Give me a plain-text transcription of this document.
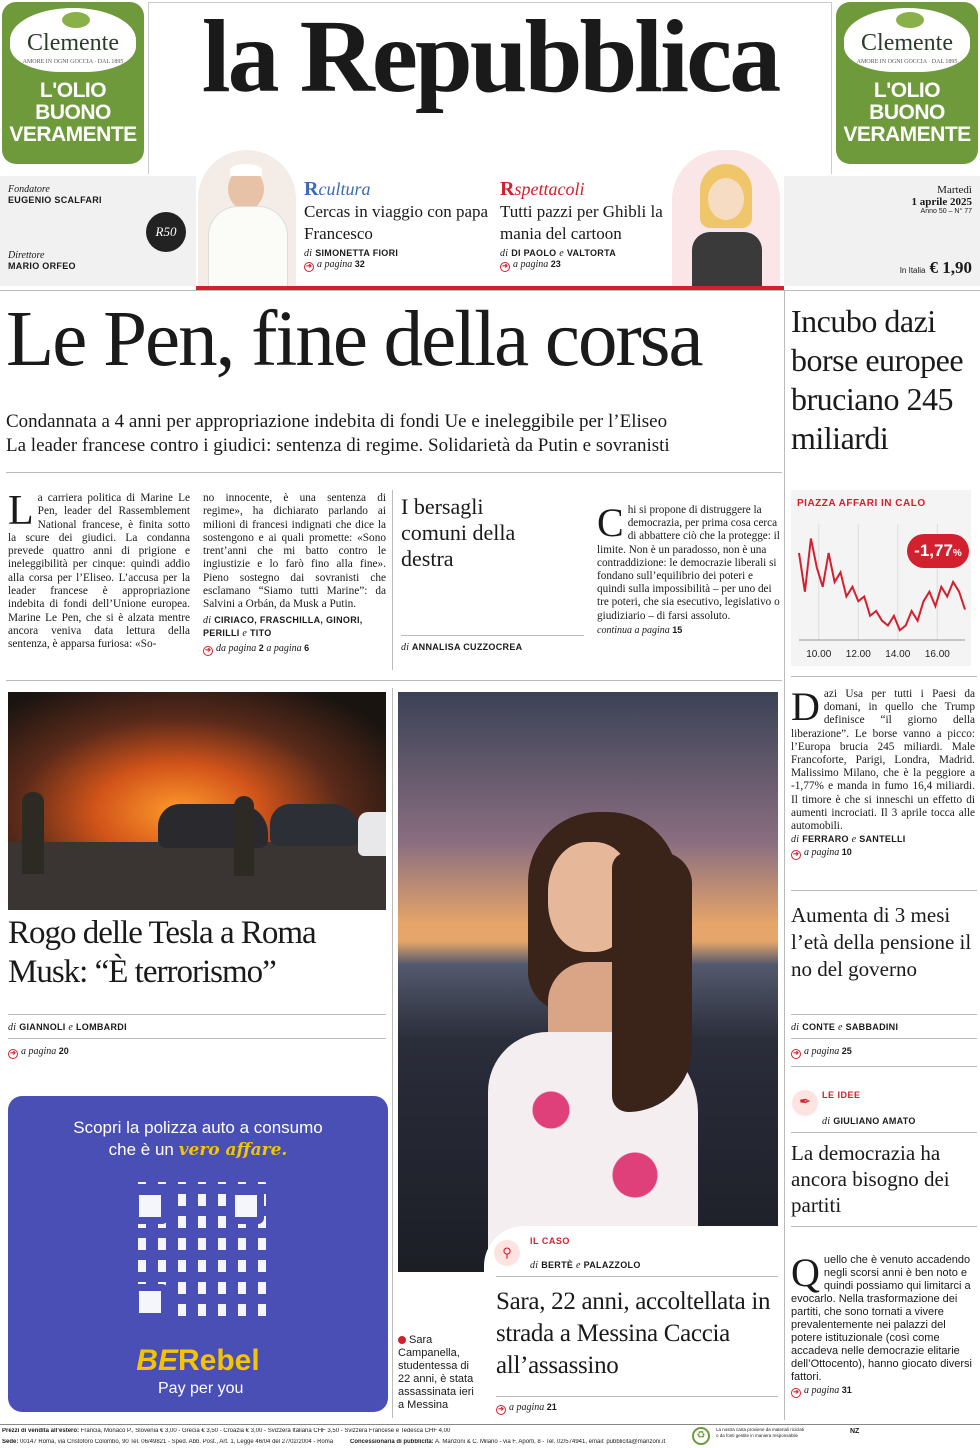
Clemente
AMORE IN OGNI GOCCIA · DAL 1895
L'OLIO BUONO
VERAMENTE
Clemente
AMORE IN OGNI GOCCIA · DAL 1895
L'OLIO BUONO
VERAMENTE
la Repubblica
Fondatore
EUGENIO SCALFARI
Direttore
MARIO ORFEO
R50
Martedì
1 aprile 2025
Anno 50 – N° 77
In Italia € 1,90
Rcultura
Cercas in viaggio con papa Francesco
di SIMONETTA FIORI
➔ a pagina 32
Rspettacoli
Tutti pazzi per Ghibli la mania del cartoon
di DI PAOLO e VALTORTA
➔ a pagina 23
Le Pen, fine della corsa
Condannata a 4 anni per appropriazione indebita di fondi Ue e ineleggibile per l’Eliseo
La leader francese contro i giudici: sentenza di regime. Solidarietà da Putin e sovranisti
La carriera politica di Marine Le Pen, leader del Rassemblement National francese, è finita sotto la scure dei giudici. La condanna prevede quattro anni di prigione e ineleggibilità per cinque: quindi addio alla corsa per l’Eliseo. L’accusa per la leader francese è appropriazione indebita di fondi dell’Unione europea. Marine Le Pen, che si è alzata mentre ancora veniva data lettura della sentenza, è apparsa furiosa: «So-
no innocente, è una sentenza di regime», ha dichiarato parlando ai milioni di francesi indignati che dice la sostengono e ai quali promette: «Sono trent’anni che mi batto contro le ingiustizie e lo farò fino alla fine». Pieno sostegno dai sovranisti che esclamano “Siamo tutti Marine”: da Salvini a Orbán, da Musk a Putin.
di CIRIACO, FRASCHILLA, GINORI, PERILLI e TITO
➔ da pagina 2 a pagina 6
I bersagli comuni della destra
di ANNALISA CUZZOCREA
Chi si propone di distruggere la democrazia, per prima cosa cerca di abbattere ciò che la protegge: il limite. Non è un paradosso, non è una contraddizione: le democrazie liberali si fondano sull’equilibrio dei poteri e quindi sulla impossibilità – per uno dei tre poteri, che sia esecutivo, legislativo o giudiziario – di farsi assoluto.
continua a pagina 15
Incubo dazi borse europee bruciano 245 miliardi
PIAZZA AFFARI IN CALO
10.00 12.00 14.00 16.00
-1,77%
Dazi Usa per tutti i Paesi da domani, in quello che Trump definisce “il giorno della liberazione”. Le borse vanno a picco: l’Europa brucia 245 miliardi. Male Francoforte, Parigi, Londra, Madrid. Malissimo Milano, che è la peggiore a -1,77% e manda in fumo 16,4 miliardi. Il timore è che si inneschi un effetto di aumenti incrociati. Il 3 aprile tocca alle automobili.
di FERRARO e SANTELLI
➔ a pagina 10
Aumenta di 3 mesi l’età della pensione il no del governo
di CONTE e SABBADINI
➔ a pagina 25
✒	LE IDEE
di GIULIANO AMATO
La democrazia ha ancora bisogno dei partiti
Quello che è venuto accadendo negli scorsi anni è ben noto e quindi possiamo qui limitarci a evocarlo. Nella trasformazione dei partiti, che sono tornati a vivere prevalentemente nei palazzi del potere istituzionale (così come accadeva nelle democrazie elitarie dell’Ottocento), hanno giocato diversi fattori.
➔ a pagina 31
Rogo delle Tesla a Roma
Musk: “È terrorismo”
di GIANNOLI e LOMBARDI
➔ a pagina 20
Scopri la polizza auto a consumo
che è un vero affare.
BERebel
Pay per you
⚲
IL CASO
di BERTÈ e PALAZZOLO
Sara, 22 anni, accoltellata in strada a Messina Caccia all’assassino
Sara Campanella, studentessa di 22 anni, è stata assassinata ieri a Messina	➔ a pagina 21
Prezzi di vendita all’estero: Francia, Monaco P., Slovenia € 3,00 - Grecia € 3,50 - Croazia € 3,00 - Svizzera Italiana CHF 3,50 - Svizzera Francese e Tedesca CHF 4,00
Sede: 00147 Roma, via Cristoforo Colombo, 90 Tel. 06/49821 - Sped. Abb. Post., Art. 1, Legge 46/04 del 27/02/2004 - Roma	Concessionaria di pubblicità: A. Manzoni & C. Milano - via F. Aporti, 8 - Tel. 02/574941, email: pubblicita@manzoni.it
♻
La nostra carta proviene da materiali riciclati o da fonti gestite in maniera responsabile	NZ
